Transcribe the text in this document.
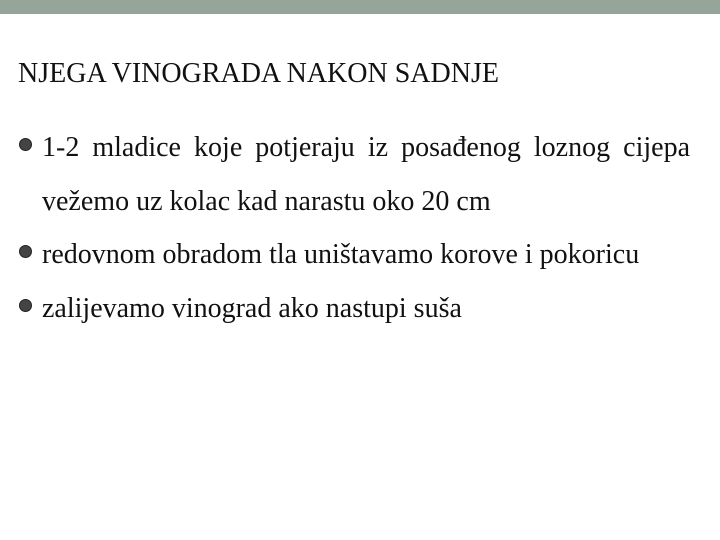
NJEGA VINOGRADA NAKON SADNJE
1-2 mladice koje potjeraju iz posađenog loznog cijepa vežemo uz kolac kad narastu oko 20 cm
redovnom obradom tla uništavamo korove i pokoricu
zalijevamo vinograd ako nastupi suša
